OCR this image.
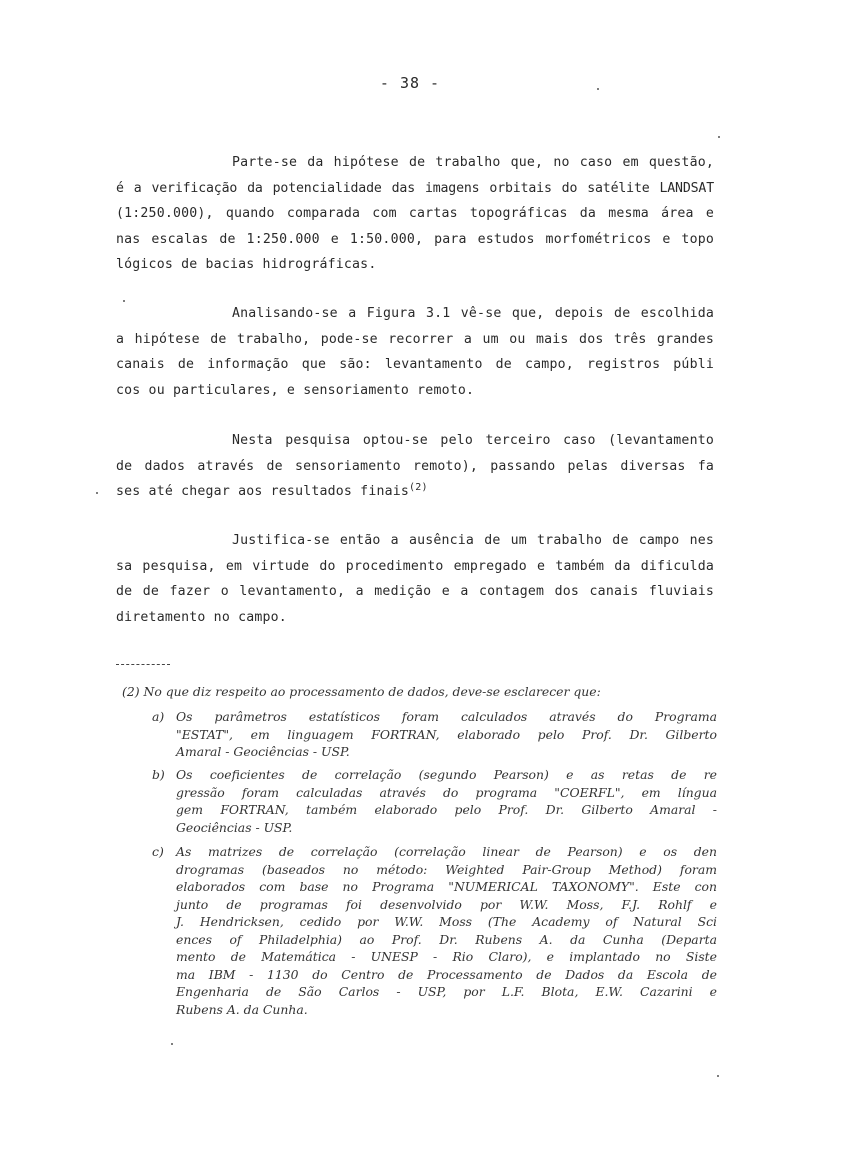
- 38 -
Parte-se da hipótese de trabalho que, no caso em questão,
é a verificação da potencialidade das imagens orbitais do satélite LANDSAT
(1:250.000), quando comparada com cartas topográficas da mesma área e
nas escalas de 1:250.000 e 1:50.000, para estudos morfométricos e topo
lógicos de bacias hidrográficas.
Analisando-se a Figura 3.1 vê-se que, depois de escolhida
a hipótese de trabalho, pode-se recorrer a um ou mais dos três grandes
canais de informação que são: levantamento de campo, registros públi
cos ou particulares, e sensoriamento remoto.
Nesta pesquisa optou-se pelo terceiro caso (levantamento
de dados através de sensoriamento remoto), passando pelas diversas fa
ses até chegar aos resultados finais$^{(2)}$
Justifica-se então a ausência de um trabalho de campo nes
sa pesquisa, em virtude do procedimento empregado e também da dificulda
de de fazer o levantamento, a medição e a contagem dos canais fluviais
diretamento no campo.
(2) No que diz respeito ao processamento de dados, deve-se esclarecer que:
a) Os parâmetros estatísticos foram calculados através do Programa
"ESTAT", em linguagem FORTRAN, elaborado pelo Prof. Dr. Gilberto
Amaral - Geociências - USP.
b) Os coeficientes de correlação (segundo Pearson) e as retas de re
gressão foram calculadas através do programa "COERFL", em língua
gem FORTRAN, também elaborado pelo Prof. Dr. Gilberto Amaral -
Geociências - USP.
c) As matrizes de correlação (correlação linear de Pearson) e os den
drogramas (baseados no método: Weighted Pair-Group Method) foram
elaborados com base no Programa "NUMERICAL TAXONOMY". Este con
junto de programas foi desenvolvido por W.W. Moss, F.J. Rohlf e
J. Hendricksen, cedido por W.W. Moss (The Academy of Natural Sci
ences of Philadelphia) ao Prof. Dr. Rubens A. da Cunha (Departa
mento de Matemática - UNESP - Rio Claro), e implantado no Siste
ma IBM - 1130 do Centro de Processamento de Dados da Escola de
Engenharia de São Carlos - USP, por L.F. Blota, E.W. Cazarini e
Rubens A. da Cunha.
